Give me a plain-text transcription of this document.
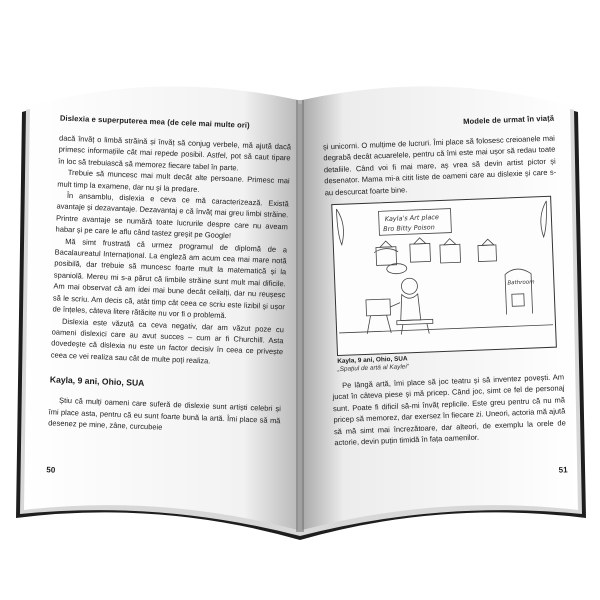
Dislexia e superputerea mea (de cele mai multe ori)

dacă învăț o limbă străină și învăț să conjug verbele, mă ajută dacă primesc informațiile cât mai repede posibil. Astfel, pot să caut tipare în loc să trebuiască să memorez fiecare tabel în parte.

Trebuie să muncesc mai mult decât alte persoane. Primesc mai mult timp la examene, dar nu și la predare.

În ansamblu, dislexia e ceva ce mă caracterizează. Există avantaje și dezavantaje. Dezavantaj e că învăț mai greu limbi străine. Printre avantaje se numără toate lucrurile despre care nu aveam habar și pe care le aflu când tastez greșit pe Google!

Mă simt frustrată că urmez programul de diplomă de a Bacalaureatul Internațional. La engleză am acum cea mai mare notă posibilă, dar trebuie să muncesc foarte mult la matematică și la spaniolă. Mereu mi s-a părut că limbile străine sunt mult mai dificile. Am mai observat că am idei mai bune decât ceilalți, dar nu reușesc să le scriu. Am decis că, atât timp cât ceea ce scriu este lizibil și ușor de înțeles, câteva litere rătăcite nu vor fi o problemă.

Dislexia este văzută ca ceva negativ, dar am văzut poze cu oameni dislexici care au avut succes – cum ar fi Churchill. Asta dovedește că dislexia nu este un factor decisiv în ceea ce privește ceea ce vei realiza sau cât de multe poți realiza.

Kayla, 9 ani, Ohio, SUA

Știu că mulți oameni care suferă de dislexie sunt artiști celebri și îmi place asta, pentru că eu sunt foarte bună la artă. Îmi place să mă desenez pe mine, zâne, curcubeie

50
Modele de urmat în viață

și unicorni. O mulțime de lucruri. Îmi place să folosesc creioanele mai degrabă decât acuarelele, pentru că îmi este mai ușor să redau toate detaliile. Când voi fi mai mare, aș vrea să devin artist pictor și desenator. Mama mi-a citit liste de oameni care au dislexie și care s-au descurcat foarte bine.

Kayla's Art place
Bro Bitty Poison
Bathroom
Kayla, 9 ani, Ohio, SUA
„Spațiul de artă al Kaylei”

Pe lângă artă, îmi place să joc teatru și să inventez povești. Am jucat în câteva piese și mă pricep. Când joc, simt ce fel de personaj sunt. Poate fi dificil să-mi învăț replicile. Este greu pentru că nu mă pricep să memorez, dar exersez în fiecare zi. Uneori, actoria mă ajută să mă simt mai încrezătoare, dar alteori, de exemplu la orele de actorie, devin puțin timidă în fața oamenilor.

51
